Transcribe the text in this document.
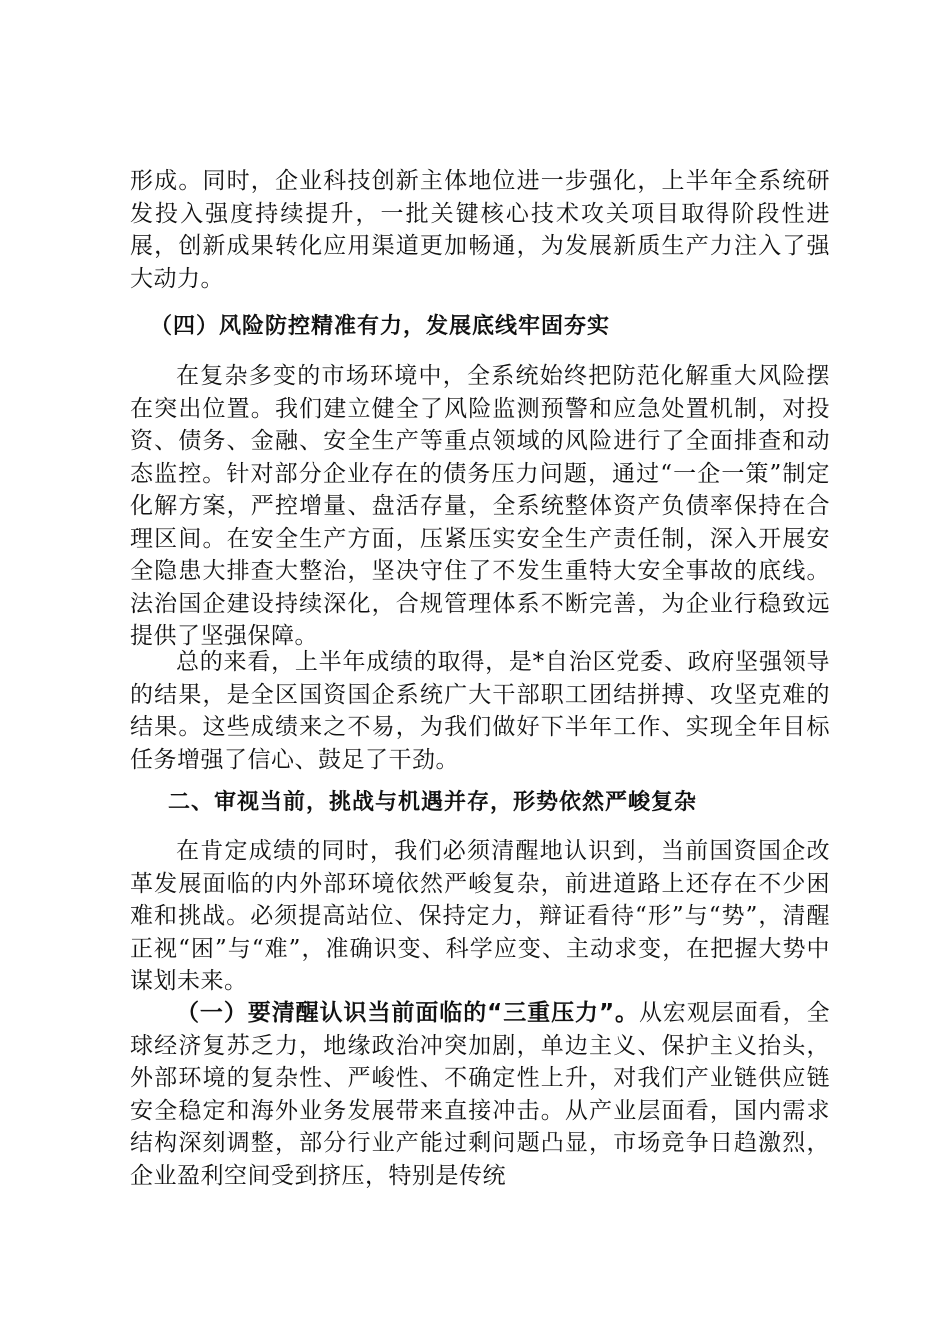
形成。同时，企业科技创新主体地位进一步强化，上半年全系统研发投入强度持续提升，一批关键核心技术攻关项目取得阶段性进展，创新成果转化应用渠道更加畅通，为发展新质生产力注入了强大动力。

（四）风险防控精准有力，发展底线牢固夯实

在复杂多变的市场环境中，全系统始终把防范化解重大风险摆在突出位置。我们建立健全了风险监测预警和应急处置机制，对投资、债务、金融、安全生产等重点领域的风险进行了全面排查和动态监控。针对部分企业存在的债务压力问题，通过“一企一策”制定化解方案，严控增量、盘活存量，全系统整体资产负债率保持在合理区间。在安全生产方面，压紧压实安全生产责任制，深入开展安全隐患大排查大整治，坚决守住了不发生重特大安全事故的底线。法治国企建设持续深化，合规管理体系不断完善，为企业行稳致远提供了坚强保障。

总的来看，上半年成绩的取得，是*自治区党委、政府坚强领导的结果，是全区国资国企系统广大干部职工团结拼搏、攻坚克难的结果。这些成绩来之不易，为我们做好下半年工作、实现全年目标任务增强了信心、鼓足了干劲。

二、审视当前，挑战与机遇并存，形势依然严峻复杂

在肯定成绩的同时，我们必须清醒地认识到，当前国资国企改革发展面临的内外部环境依然严峻复杂，前进道路上还存在不少困难和挑战。必须提高站位、保持定力，辩证看待“形”与“势”，清醒正视“困”与“难”，准确识变、科学应变、主动求变，在把握大势中谋划未来。

（一）要清醒认识当前面临的“三重压力”。从宏观层面看，全球经济复苏乏力，地缘政治冲突加剧，单边主义、保护主义抬头，外部环境的复杂性、严峻性、不确定性上升，对我们产业链供应链安全稳定和海外业务发展带来直接冲击。从产业层面看，国内需求结构深刻调整，部分行业产能过剩问题凸显，市场竞争日趋激烈，企业盈利空间受到挤压，特别是传统
